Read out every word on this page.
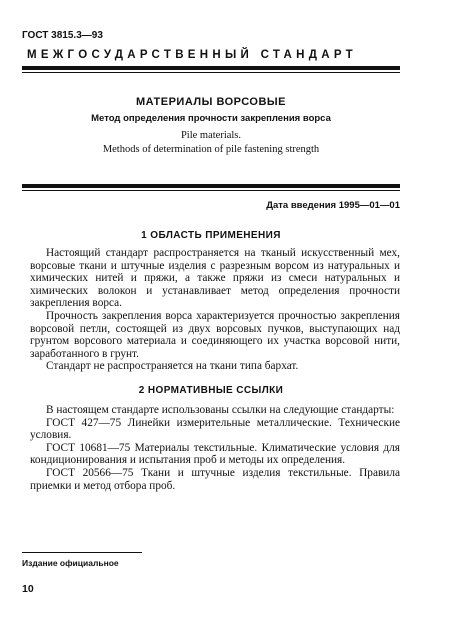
ГОСТ 3815.3—93
МЕЖГОСУДАРСТВЕННЫЙ СТАНДАРТ
МАТЕРИАЛЫ ВОРСОВЫЕ
Метод определения прочности закрепления ворса
Pile materials.
Methods of determination of pile fastening strength
Дата введения 1995—01—01
1 ОБЛАСТЬ ПРИМЕНЕНИЯ

Настоящий стандарт распространяется на тканый искусственный мех, ворсовые ткани и штучные изделия с разрезным ворсом из натуральных и химических нитей и пряжи, а также пряжи из смеси натуральных и химических волокон и устанавливает метод определения прочности закрепления ворса.

Прочность закрепления ворса характеризуется прочностью закрепления ворсовой петли, состоящей из двух ворсовых пучков, выступающих над грунтом ворсового материала и соединяющего их участка ворсовой нити, заработанного в грунт.

Стандарт не распространяется на ткани типа бархат.

2 НОРМАТИВНЫЕ ССЫЛКИ

В настоящем стандарте использованы ссылки на следующие стандарты:

ГОСТ 427—75 Линейки измерительные металлические. Технические условия.

ГОСТ 10681—75 Материалы текстильные. Климатические условия для кондиционирования и испытания проб и методы их определения.

ГОСТ 20566—75 Ткани и штучные изделия текстильные. Правила приемки и метод отбора проб.

Издание официальное
10
